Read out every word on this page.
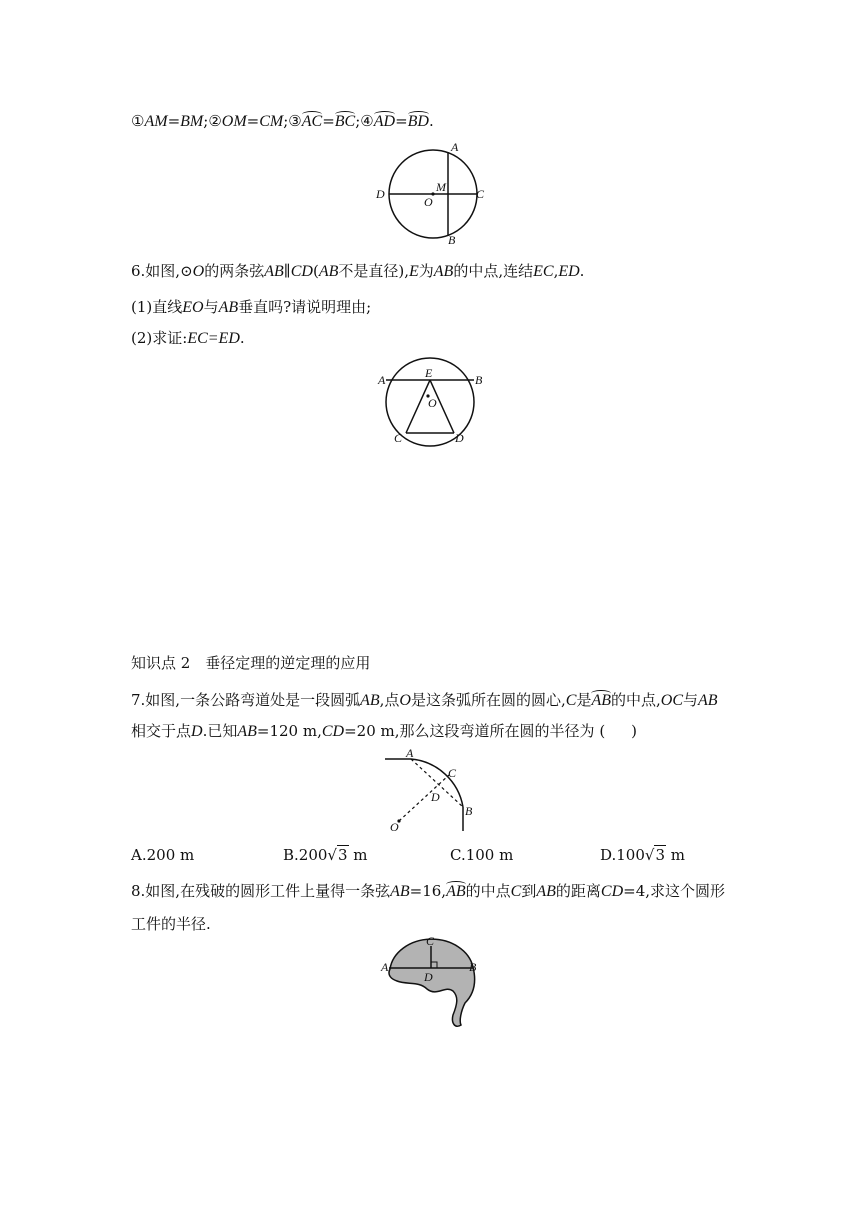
①AM=BM;②OM=CM;③AC=BC;④AD=BD.
A
B
C
D	M
O
6.如图,⊙O的两条弦AB∥CD(AB不是直径),E为AB的中点,连结EC,ED.
(1)直线EO与AB垂直吗?请说明理由;
(2)求证:EC=ED.
A	B
C	D
E
O
知识点 2　垂径定理的逆定理的应用
7.如图,一条公路弯道处是一段圆弧AB,点O是这条弧所在圆的圆心,C是AB的中点,OC与AB
相交于点D.已知AB=120 m,CD=20 m,那么这段弯道所在圆的半径为 ( )
A
B
C
D
O
A.200 m	B.200√3 m	C.100 m	D.100√3 m
8.如图,在残破的圆形工件上量得一条弦AB=16,AB的中点C到AB的距离CD=4,求这个圆形
工件的半径.
A	B
C
D
